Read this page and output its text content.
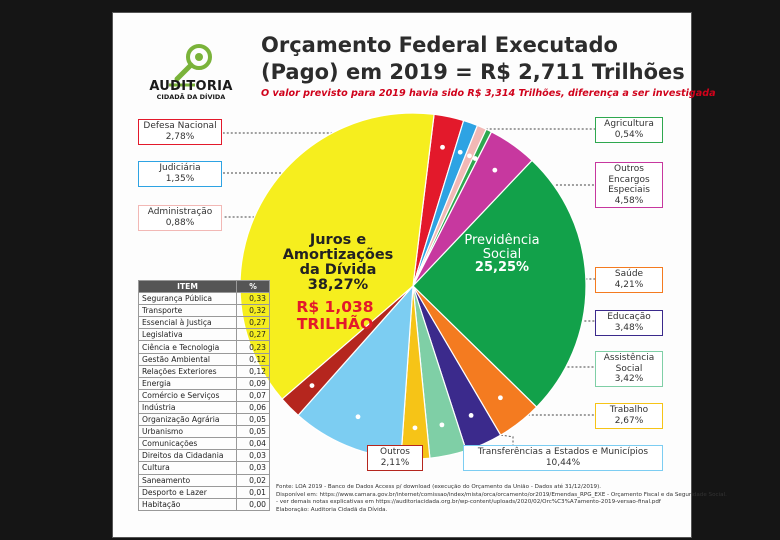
AUDITORIA
CIDADÃ DA DÍVIDA
Orçamento Federal Executado
(Pago) em 2019 = R$ 2,711 Trilhões
O valor previsto para 2019 havia sido R$ 3,314 Trilhões, diferença a ser investigada
Juros e Amortizações da Dívida
38,27%
R$ 1,038 TRILHÃO
Previdência Social
25,25%
Defesa Nacional
2,78%
Judiciária
1,35%
Administração
0,88%
Agricultura
0,54%
Outros Encargos Especiais
4,58%
Saúde
4,21%
Educação
3,48%
Assistência Social
3,42%
Trabalho
2,67%
Transferências a Estados e Municípios
10,44%
Outros
2,11%
ITEM	%
Segurança Pública	0,33
Transporte	0,32
Essencial à Justiça	0,27
Legislativa	0,27
Ciência e Tecnologia	0,23
Gestão Ambiental	0,12
Relações Exteriores	0,12
Energia	0,09
Comércio e Serviços	0,07
Indústria	0,06
Organização Agrária	0,05
Urbanismo	0,05
Comunicações	0,04
Direitos da Cidadania	0,03
Cultura	0,03
Saneamento	0,02
Desporto e Lazer	0,01
Habitação	0,00
Fonte: LOA 2019 - Banco de Dados Access p/ download (execução do Orçamento da União - Dados até 31/12/2019).
Disponível em: https://www.camara.gov.br/internet/comissao/index/mista/orca/orcamento/or2019/Emendas_RPG_EXE - Orçamento Fiscal e da Seguridade Social.
- ver demais notas explicativas em https://auditoriacidada.org.br/wp-content/uploads/2020/02/Orc%C3%A7amento-2019-versao-final.pdf
Elaboração: Auditoria Cidadã da Dívida.
